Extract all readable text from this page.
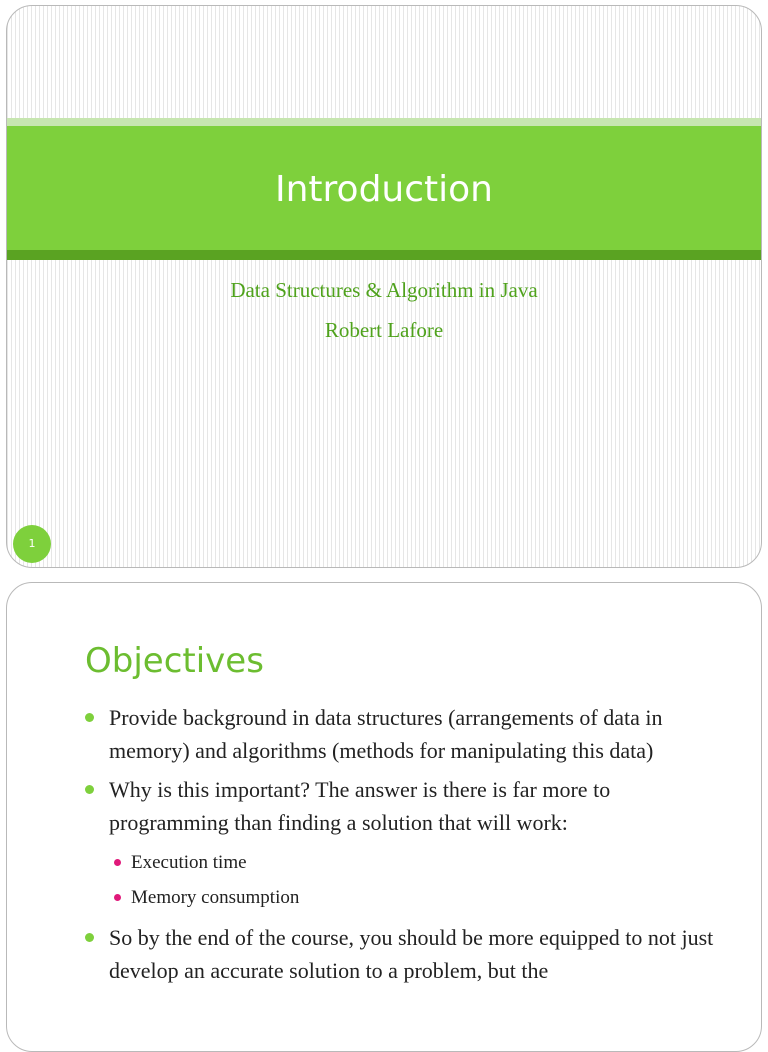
Introduction
Data Structures & Algorithm in Java
Robert Lafore
1
Objectives
Provide background in data structures (arrangements of data in memory) and algorithms (methods for manipulating this data)
Why is this important? The answer is there is far more to programming than finding a solution that will work:
Execution time
Memory consumption
So by the end of the course, you should be more equipped to not just develop an accurate solution to a problem, but the
